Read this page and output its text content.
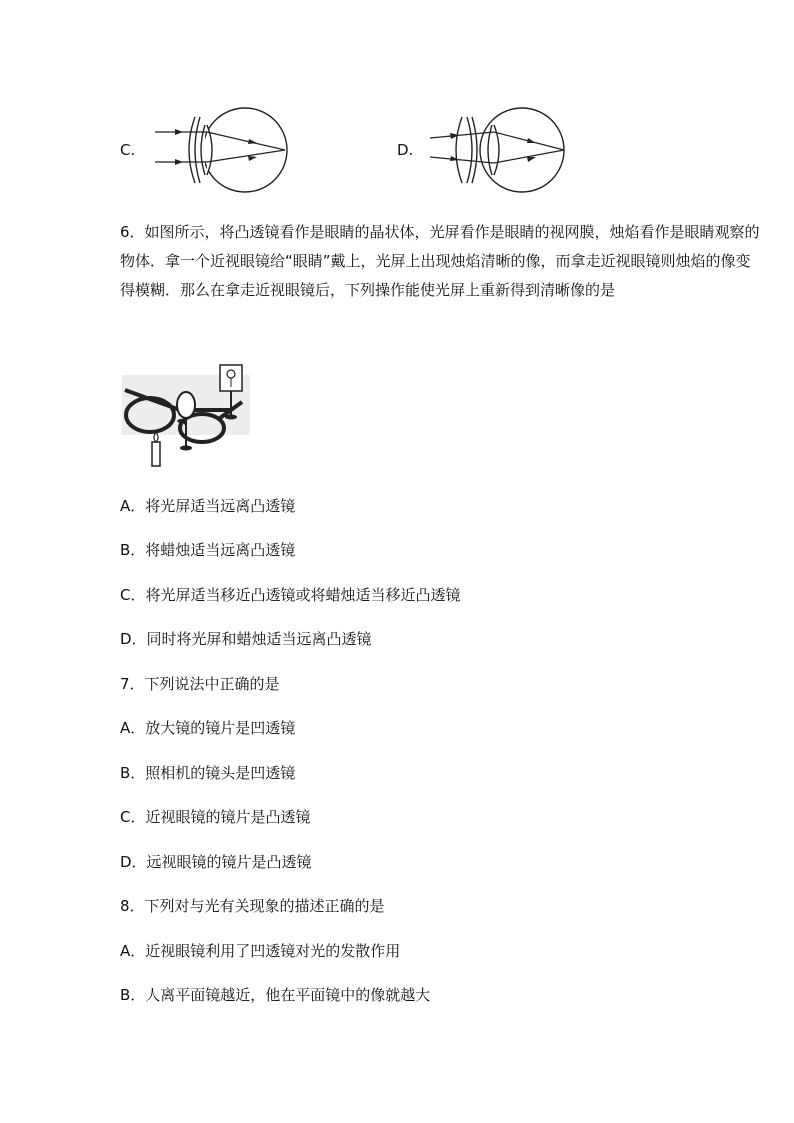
C.	D.
6．如图所示，将凸透镜看作是眼睛的晶状体，光屏看作是眼睛的视网膜，烛焰看作是眼睛观察的物体．拿一个近视眼镜给“眼睛”戴上，光屏上出现烛焰清晰的像，而拿走近视眼镜则烛焰的像变得模糊．那么在拿走近视眼镜后，下列操作能使光屏上重新得到清晰像的是
A．将光屏适当远离凸透镜
B．将蜡烛适当远离凸透镜
C．将光屏适当移近凸透镜或将蜡烛适当移近凸透镜
D．同时将光屏和蜡烛适当远离凸透镜
7．下列说法中正确的是
A．放大镜的镜片是凹透镜
B．照相机的镜头是凹透镜
C．近视眼镜的镜片是凸透镜
D．远视眼镜的镜片是凸透镜
8．下列对与光有关现象的描述正确的是
A．近视眼镜利用了凹透镜对光的发散作用
B．人离平面镜越近，他在平面镜中的像就越大
